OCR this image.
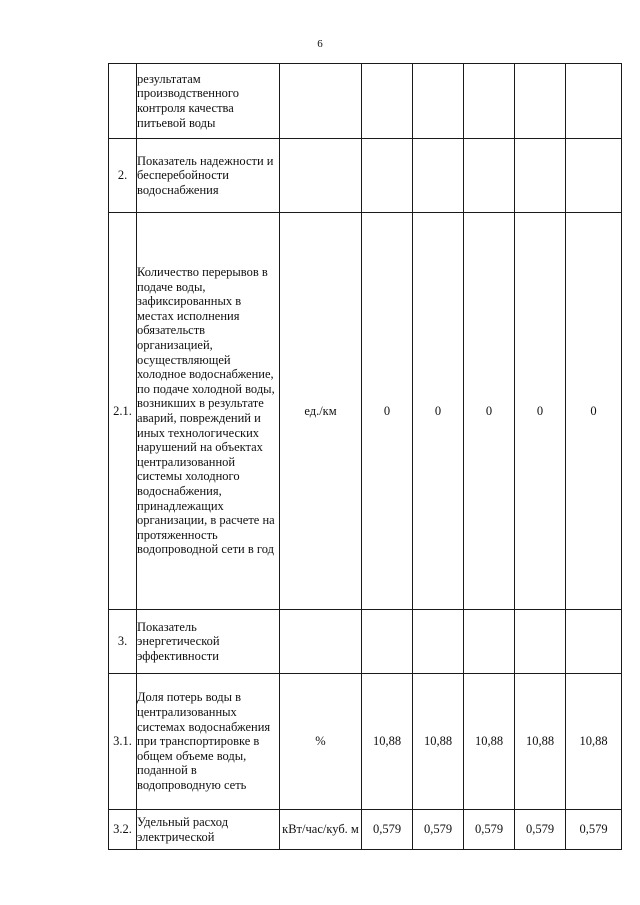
6
	результатам производственного контроля качества питьевой воды						
2.	Показатель надежности и бесперебойности водоснабжения						
2.1.	Количество перерывов в подаче воды, зафиксированных в местах исполнения обязательств организацией, осуществляющей холодное водоснабжение, по подаче холодной воды, возникших в результате аварий, повреждений и иных технологических нарушений на объектах централизованной системы холодного водоснабжения, принадлежащих организации, в расчете на протяженность водопроводной сети в год	ед./км	0	0	0	0	0
3.	Показатель энергетической эффективности						
3.1.	Доля потерь воды в централизованных системах водоснабжения при транспортировке в общем объеме воды, поданной в водопроводную сеть	%	10,88	10,88	10,88	10,88	10,88
3.2.	Удельный расход электрической	кВт/час/куб. м	0,579	0,579	0,579	0,579	0,579
